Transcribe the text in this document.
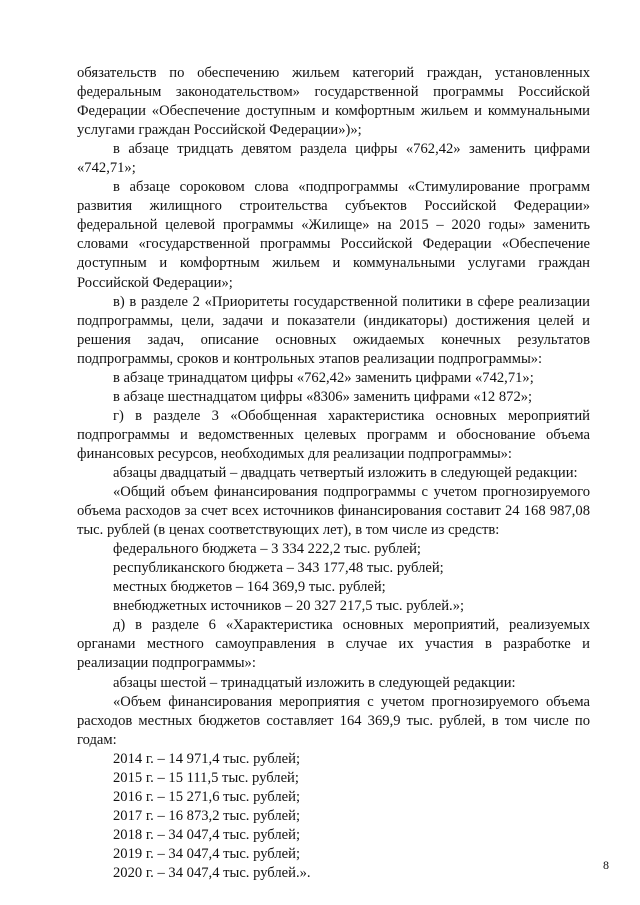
обязательств по обеспечению жильем категорий граждан, установленных федеральным законодательством» государственной программы Российской Федерации «Обеспечение доступным и комфортным жильем и коммунальными услугами граждан Российской Федерации»)»;

в абзаце тридцать девятом раздела цифры «762,42» заменить цифрами «742,71»;

в абзаце сороковом слова «подпрограммы «Стимулирование программ развития жилищного строительства субъектов Российской Федерации» федеральной целевой программы «Жилище» на 2015 – 2020 годы» заменить словами «государственной программы Российской Федерации «Обеспечение доступным и комфортным жильем и коммунальными услугами граждан Российской Федерации»;

в) в разделе 2 «Приоритеты государственной политики в сфере реализации подпрограммы, цели, задачи и показатели (индикаторы) достижения целей и решения задач, описание основных ожидаемых конечных результатов подпрограммы, сроков и контрольных этапов реализации подпрограммы»:

в абзаце тринадцатом цифры «762,42» заменить цифрами «742,71»;

в абзаце шестнадцатом цифры «8306» заменить цифрами «12 872»;

г) в разделе 3 «Обобщенная характеристика основных мероприятий подпрограммы и ведомственных целевых программ и обоснование объема финансовых ресурсов, необходимых для реализации подпрограммы»:

абзацы двадцатый – двадцать четвертый изложить в следующей редакции:

«Общий объем финансирования подпрограммы с учетом прогнозируемого объема расходов за счет всех источников финансирования составит 24 168 987,08 тыс. рублей (в ценах соответствующих лет), в том числе из средств:

федерального бюджета – 3 334 222,2 тыс. рублей;

республиканского бюджета – 343 177,48 тыс. рублей;

местных бюджетов – 164 369,9 тыс. рублей;

внебюджетных источников – 20 327 217,5 тыс. рублей.»;

д) в разделе 6 «Характеристика основных мероприятий, реализуемых органами местного самоуправления в случае их участия в разработке и реализации подпрограммы»:

абзацы шестой – тринадцатый изложить в следующей редакции:

«Объем финансирования мероприятия с учетом прогнозируемого объема расходов местных бюджетов составляет 164 369,9 тыс. рублей, в том числе по годам:

2014 г. – 14 971,4 тыс. рублей;

2015 г. – 15 111,5 тыс. рублей;

2016 г. – 15 271,6 тыс. рублей;

2017 г. – 16 873,2 тыс. рублей;

2018 г. – 34 047,4 тыс. рублей;

2019 г. – 34 047,4 тыс. рублей;

2020 г. – 34 047,4 тыс. рублей.».	8
